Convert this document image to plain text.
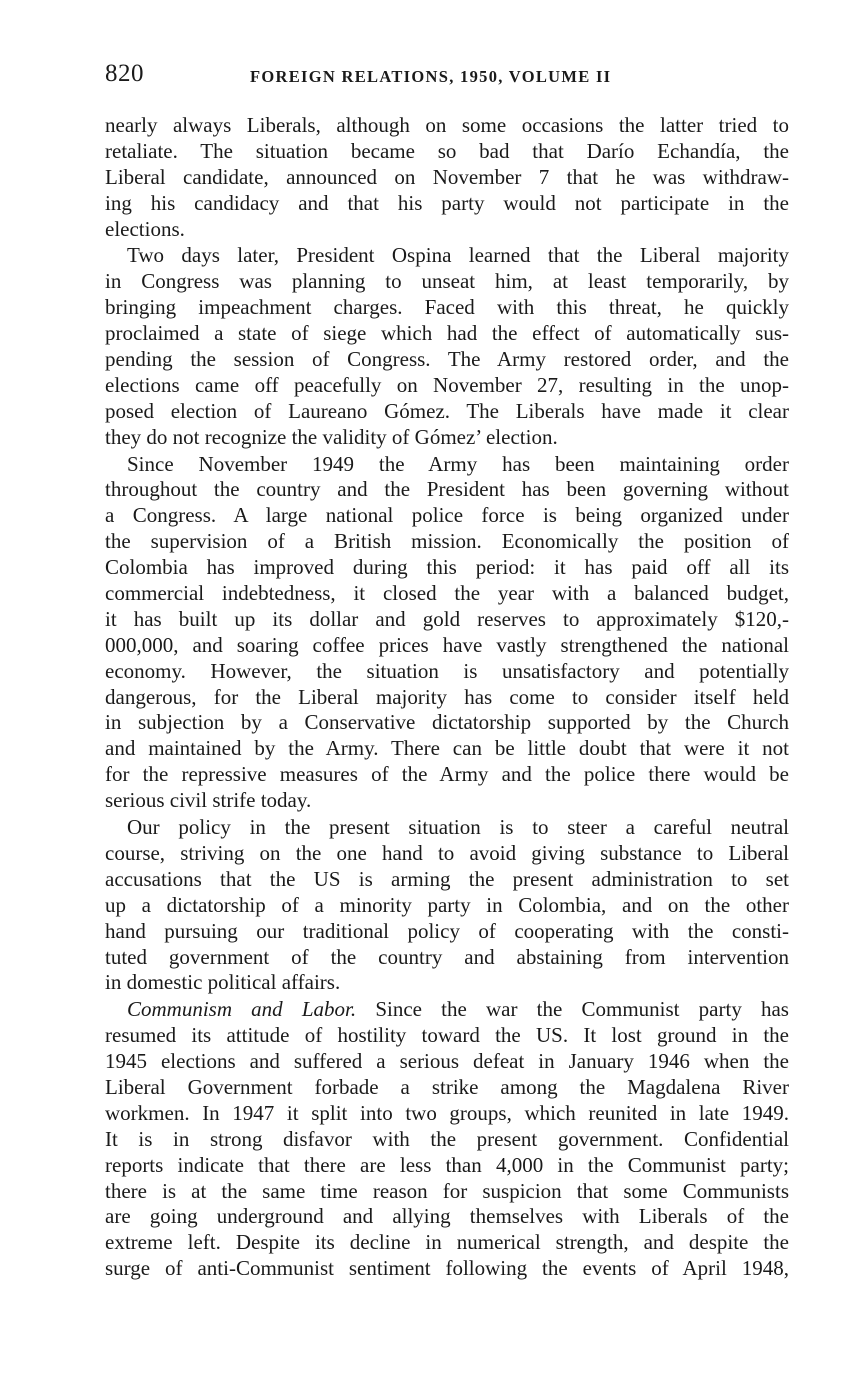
820	FOREIGN RELATIONS, 1950, VOLUME II

nearly always Liberals, although on some occasions the latter tried to

retaliate. The situation became so bad that Darío Echandía, the

Liberal candidate, announced on November 7 that he was withdraw-

ing his candidacy and that his party would not participate in the

elections.

Two days later, President Ospina learned that the Liberal majority

in Congress was planning to unseat him, at least temporarily, by

bringing impeachment charges. Faced with this threat, he quickly

proclaimed a state of siege which had the effect of automatically sus-

pending the session of Congress. The Army restored order, and the

elections came off peacefully on November 27, resulting in the unop-

posed election of Laureano Gómez. The Liberals have made it clear

they do not recognize the validity of Gómez’ election.

Since November 1949 the Army has been maintaining order

throughout the country and the President has been governing without

a Congress. A large national police force is being organized under

the supervision of a British mission. Economically the position of

Colombia has improved during this period: it has paid off all its

commercial indebtedness, it closed the year with a balanced budget,

it has built up its dollar and gold reserves to approximately $120,-

000,000, and soaring coffee prices have vastly strengthened the national

economy. However, the situation is unsatisfactory and potentially

dangerous, for the Liberal majority has come to consider itself held

in subjection by a Conservative dictatorship supported by the Church

and maintained by the Army. There can be little doubt that were it not

for the repressive measures of the Army and the police there would be

serious civil strife today.

Our policy in the present situation is to steer a careful neutral

course, striving on the one hand to avoid giving substance to Liberal

accusations that the US is arming the present administration to set

up a dictatorship of a minority party in Colombia, and on the other

hand pursuing our traditional policy of cooperating with the consti-

tuted government of the country and abstaining from intervention

in domestic political affairs.

Communism and Labor. Since the war the Communist party has

resumed its attitude of hostility toward the US. It lost ground in the

1945 elections and suffered a serious defeat in January 1946 when the

Liberal Government forbade a strike among the Magdalena River

workmen. In 1947 it split into two groups, which reunited in late 1949.

It is in strong disfavor with the present government. Confidential

reports indicate that there are less than 4,000 in the Communist party;

there is at the same time reason for suspicion that some Communists

are going underground and allying themselves with Liberals of the

extreme left. Despite its decline in numerical strength, and despite the

surge of anti-Communist sentiment following the events of April 1948,
